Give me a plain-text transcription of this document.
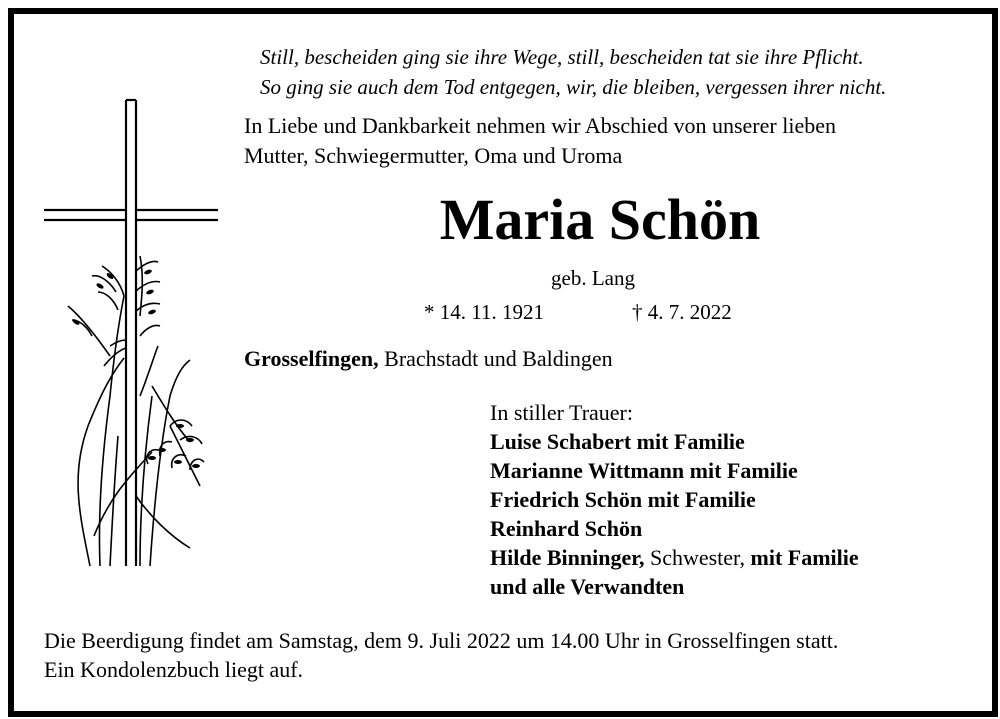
Still, bescheiden ging sie ihre Wege, still, bescheiden tat sie ihre Pflicht.
So ging sie auch dem Tod entgegen, wir, die bleiben, vergessen ihrer nicht.
In Liebe und Dankbarkeit nehmen wir Abschied von unserer lieben
Mutter, Schwiegermutter, Oma und Uroma
Maria Schön
geb. Lang
* 14. 11. 1921	† 4. 7. 2022
Grosselfingen, Brachstadt und Baldingen
In stiller Trauer:
Luise Schabert mit Familie
Marianne Wittmann mit Familie
Friedrich Schön mit Familie
Reinhard Schön
Hilde Binninger, Schwester, mit Familie
und alle Verwandten
Die Beerdigung findet am Samstag, dem 9. Juli 2022 um 14.00 Uhr in Grosselfingen statt.
Ein Kondolenzbuch liegt auf.
